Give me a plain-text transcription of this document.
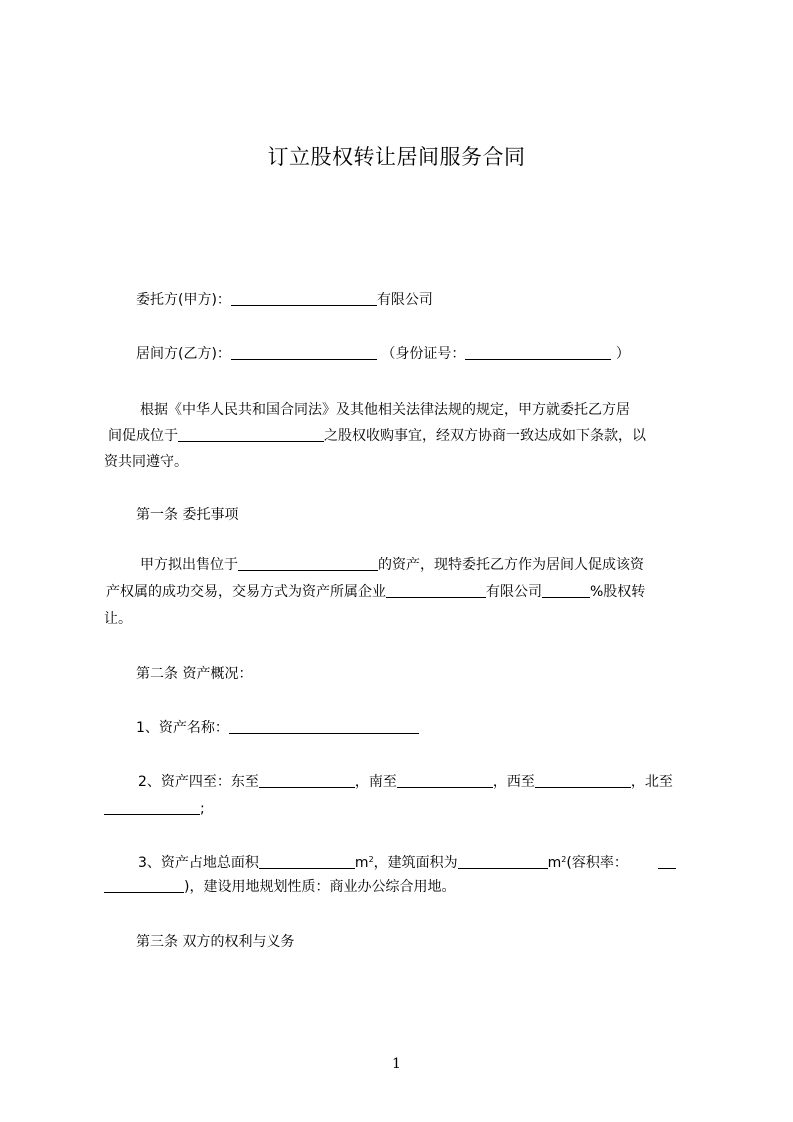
订立股权转让居间服务合同
委托方(甲方)：	有限公司
居间方(乙方)：	（身份证号：	）
根据《中华人民共和国合同法》及其他相关法律法规的规定，甲方就委托乙方居
间促成位于	之股权收购事宜，经双方协商一致达成如下条款，以
资共同遵守。
第一条 委托事项
甲方拟出售位于	的资产，现特委托乙方作为居间人促成该资
产权属的成功交易，交易方式为资产所属企业	有限公司	%股权转
让。
第二条 资产概况：
1、资产名称：
2、资产四至：东至	，南至	，西至	，北至
;
3、资产占地总面积	$m^2$，建筑面积为	$m^2$(容积率：
)，建设用地规划性质：商业办公综合用地。
第三条 双方的权利与义务
1
